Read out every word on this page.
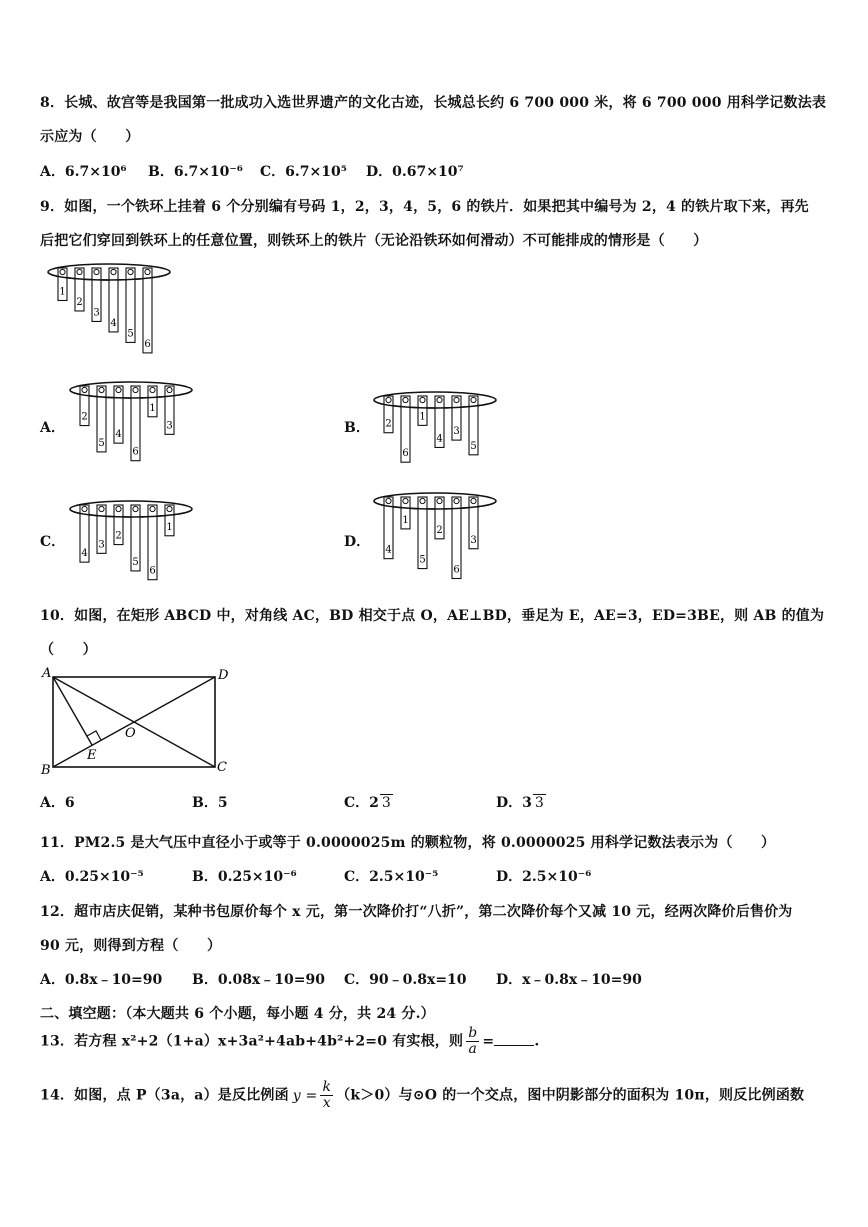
8．长城、故宫等是我国第一批成功入选世界遗产的文化古迹，长城总长约 6 700 000 米，将 6 700 000 用科学记数法表
示应为（　　）
A．6.7×10⁶ B．6.7×10⁻⁶ C．6.7×10⁵ D．0.67×10⁷
9．如图，一个铁环上挂着 6 个分别编有号码 1，2，3，4，5，6 的铁片．如果把其中编号为 2，4 的铁片取下来，再先
后把它们穿回到铁环上的任意位置，则铁环上的铁片（无论沿铁环如何滑动）不可能排成的情形是（　　）
1
2
3
4
5
6
A．
2
5
4
6
1
3	B． 2
6
1
4
3
5
C．
4
3
2
5
6
1
D．
4
1
5
2
6
3
10．如图，在矩形 ABCD 中，对角线 AC，BD 相交于点 O，AE⊥BD，垂足为 E，AE=3，ED=3BE，则 AB 的值为
（　　）
A	D
B	C
E
O
A．6	B．5	C．2 3	D．3 3
11．PM2.5 是大气压中直径小于或等于 0.0000025m 的颗粒物，将 0.0000025 用科学记数法表示为（　　）
A．0.25×10⁻⁵	B．0.25×10⁻⁶	C．2.5×10⁻⁵	D．2.5×10⁻⁶
12．超市店庆促销，某种书包原价每个 x 元，第一次降价打“八折”，第二次降价每个又减 10 元，经两次降价后售价为
90 元，则得到方程（　　）
A．0.8x﹣10=90 B．0.08x﹣10=90 C．90﹣0.8x=10 D．x﹣0.8x﹣10=90
二、填空题：（本大题共 6 个小题，每小题 4 分，共 24 分.）
13．若方程 x²+2（1+a）x+3a²+4ab+4b²+2=0 有实根，则 $\frac{b}{a}$ =	.
14．如图，点 P（3a，a）是反比例函 $y = \frac{k}{x} (k>0)$与⊙O 的一个交点，图中阴影部分的面积为 10π，则反比例函数
